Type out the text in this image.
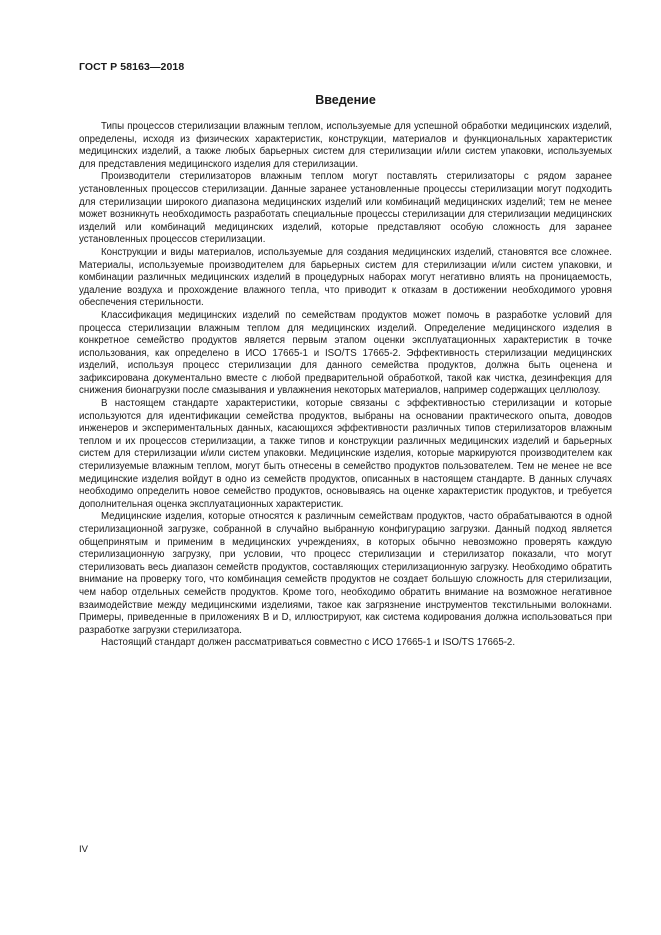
ГОСТ Р 58163—2018
Введение

Типы процессов стерилизации влажным теплом, используемые для успешной обработки медицинских изделий, определены, исходя из физических характеристик, конструкции, материалов и функциональных характеристик медицинских изделий, а также любых барьерных систем для стерилизации и/или систем упаковки, используемых для представления медицинского изделия для стерилизации.

Производители стерилизаторов влажным теплом могут поставлять стерилизаторы с рядом заранее установленных процессов стерилизации. Данные заранее установленные процессы стерилизации могут подходить для стерилизации широкого диапазона медицинских изделий или комбинаций медицинских изделий; тем не менее может возникнуть необходимость разработать специальные процессы стерилизации для стерилизации медицинских изделий или комбинаций медицинских изделий, которые представляют особую сложность для заранее установленных процессов стерилизации.

Конструкции и виды материалов, используемые для создания медицинских изделий, становятся все сложнее. Материалы, используемые производителем для барьерных систем для стерилизации и/или систем упаковки, и комбинации различных медицинских изделий в процедурных наборах могут негативно влиять на проницаемость, удаление воздуха и прохождение влажного тепла, что приводит к отказам в достижении необходимого уровня обеспечения стерильности.

Классификация медицинских изделий по семействам продуктов может помочь в разработке условий для процесса стерилизации влажным теплом для медицинских изделий. Определение медицинского изделия в конкретное семейство продуктов является первым этапом оценки эксплуатационных характеристик в точке использования, как определено в ИСО 17665-1 и ISO/TS 17665-2. Эффективность стерилизации медицинских изделий, используя процесс стерилизации для данного семейства продуктов, должна быть оценена и зафиксирована документально вместе с любой предварительной обработкой, такой как чистка, дезинфекция для снижения бионагрузки после смазывания и увлажнения некоторых материалов, например содержащих целлюлозу.

В настоящем стандарте характеристики, которые связаны с эффективностью стерилизации и которые используются для идентификации семейства продуктов, выбраны на основании практического опыта, доводов инженеров и экспериментальных данных, касающихся эффективности различных типов стерилизаторов влажным теплом и их процессов стерилизации, а также типов и конструкции различных медицинских изделий и барьерных систем для стерилизации и/или систем упаковки. Медицинские изделия, которые маркируются производителем как стерилизуемые влажным теплом, могут быть отнесены в семейство продуктов пользователем. Тем не менее не все медицинские изделия войдут в одно из семейств продуктов, описанных в настоящем стандарте. В данных случаях необходимо определить новое семейство продуктов, основываясь на оценке характеристик продуктов, и требуется дополнительная оценка эксплуатационных характеристик.

Медицинские изделия, которые относятся к различным семействам продуктов, часто обрабатываются в одной стерилизационной загрузке, собранной в случайно выбранную конфигурацию загрузки. Данный подход является общепринятым и применим в медицинских учреждениях, в которых обычно невозможно проверять каждую стерилизационную загрузку, при условии, что процесс стерилизации и стерилизатор показали, что могут стерилизовать весь диапазон семейств продуктов, составляющих стерилизационную загрузку. Необходимо обратить внимание на проверку того, что комбинация семейств продуктов не создает большую сложность для стерилизации, чем набор отдельных семейств продуктов. Кроме того, необходимо обратить внимание на возможное негативное взаимодействие между медицинскими изделиями, такое как загрязнение инструментов текстильными волокнами. Примеры, приведенные в приложениях В и D, иллюстрируют, как система кодирования должна использоваться при разработке загрузки стерилизатора.

Настоящий стандарт должен рассматриваться совместно с ИСО 17665-1 и ISO/TS 17665-2.

IV
